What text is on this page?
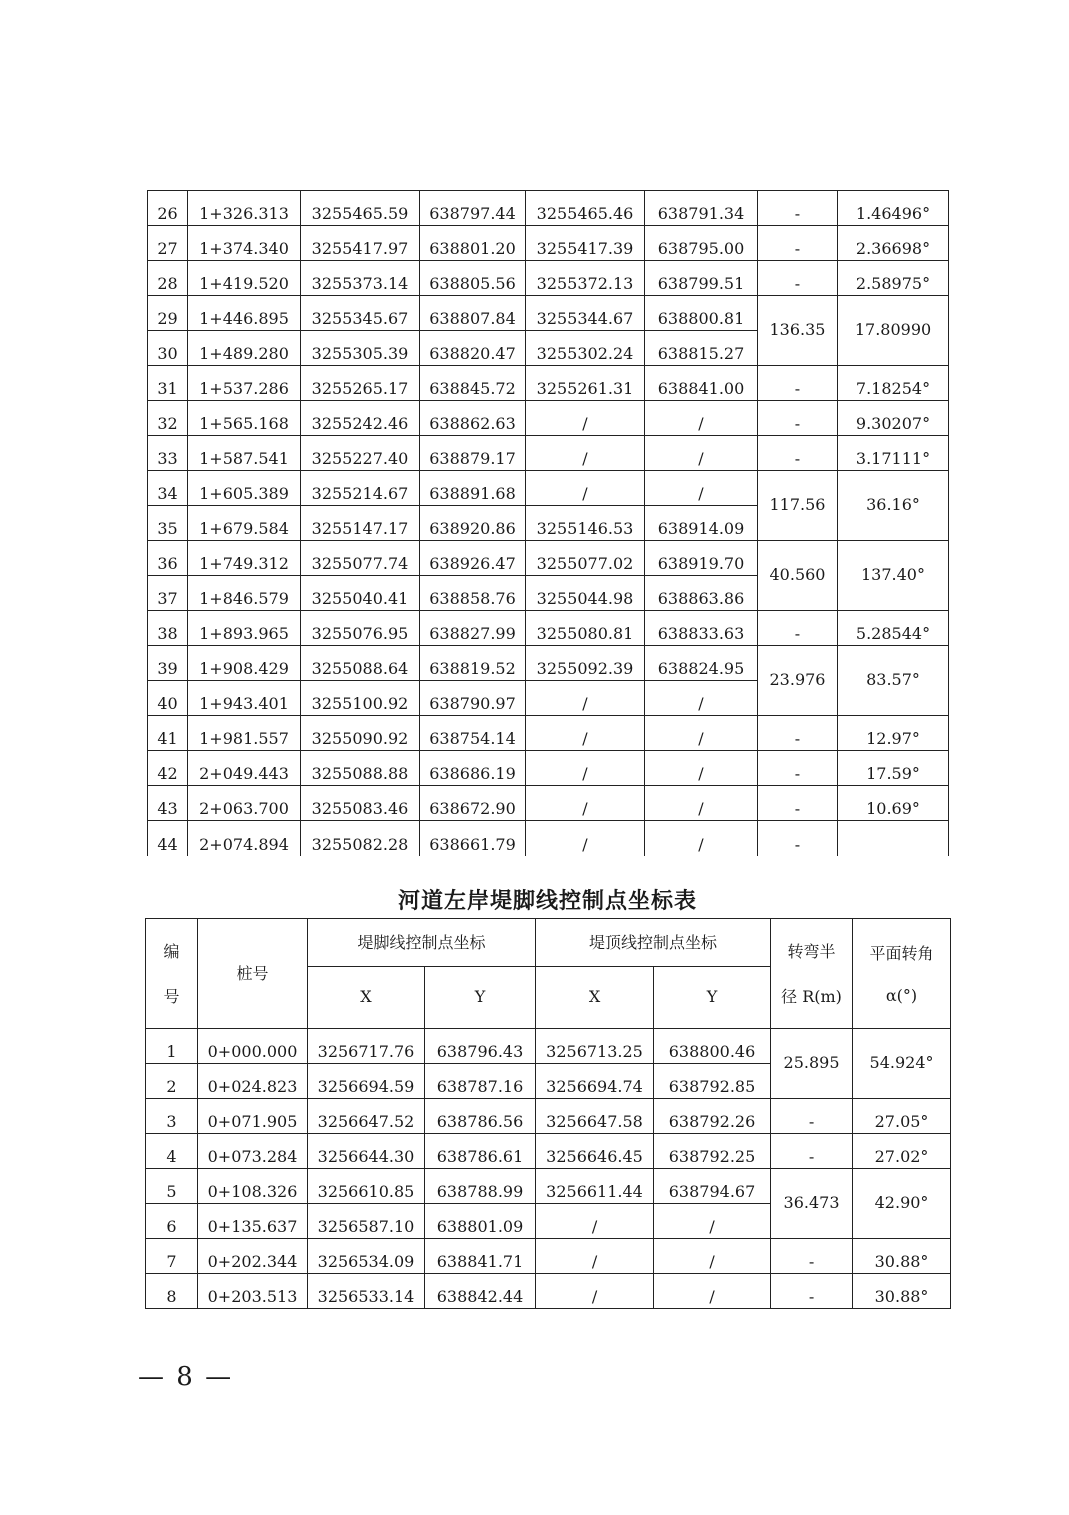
26	1+326.313	3255465.59	638797.44	3255465.46	638791.34	-	1.46496°
27	1+374.340	3255417.97	638801.20	3255417.39	638795.00	-	2.36698°
28	1+419.520	3255373.14	638805.56	3255372.13	638799.51	-	2.58975°
29	1+446.895	3255345.67	638807.84	3255344.67	638800.81	136.35	17.80990
30	1+489.280	3255305.39	638820.47	3255302.24	638815.27		
31	1+537.286	3255265.17	638845.72	3255261.31	638841.00	-	7.18254°
32	1+565.168	3255242.46	638862.63	/	/	-	9.30207°
33	1+587.541	3255227.40	638879.17	/	/	-	3.17111°
34	1+605.389	3255214.67	638891.68	/	/	117.56	36.16°
35	1+679.584	3255147.17	638920.86	3255146.53	638914.09		
36	1+749.312	3255077.74	638926.47	3255077.02	638919.70	40.560	137.40°
37	1+846.579	3255040.41	638858.76	3255044.98	638863.86		
38	1+893.965	3255076.95	638827.99	3255080.81	638833.63	-	5.28544°
39	1+908.429	3255088.64	638819.52	3255092.39	638824.95	23.976	83.57°
40	1+943.401	3255100.92	638790.97	/	/		
41	1+981.557	3255090.92	638754.14	/	/	-	12.97°
42	2+049.443	3255088.88	638686.19	/	/	-	17.59°
43	2+063.700	3255083.46	638672.90	/	/	-	10.69°
44	2+074.894	3255082.28	638661.79	/	/	-	
河道左岸堤脚线控制点坐标表
编
号	桩号	堤脚线控制点坐标		堤顶线控制点坐标		转弯半
径 R(m)	平面转角
α(°)

		X	Y	X	Y		
1	0+000.000	3256717.76	638796.43	3256713.25	638800.46	25.895	54.924°
2	0+024.823	3256694.59	638787.16	3256694.74	638792.85		
3	0+071.905	3256647.52	638786.56	3256647.58	638792.26	-	27.05°
4	0+073.284	3256644.30	638786.61	3256646.45	638792.25	-	27.02°
5	0+108.326	3256610.85	638788.99	3256611.44	638794.67	36.473	42.90°
6	0+135.637	3256587.10	638801.09	/	/		
7	0+202.344	3256534.09	638841.71	/	/	-	30.88°
8	0+203.513	3256533.14	638842.44	/	/	-	30.88°
— 8 —
